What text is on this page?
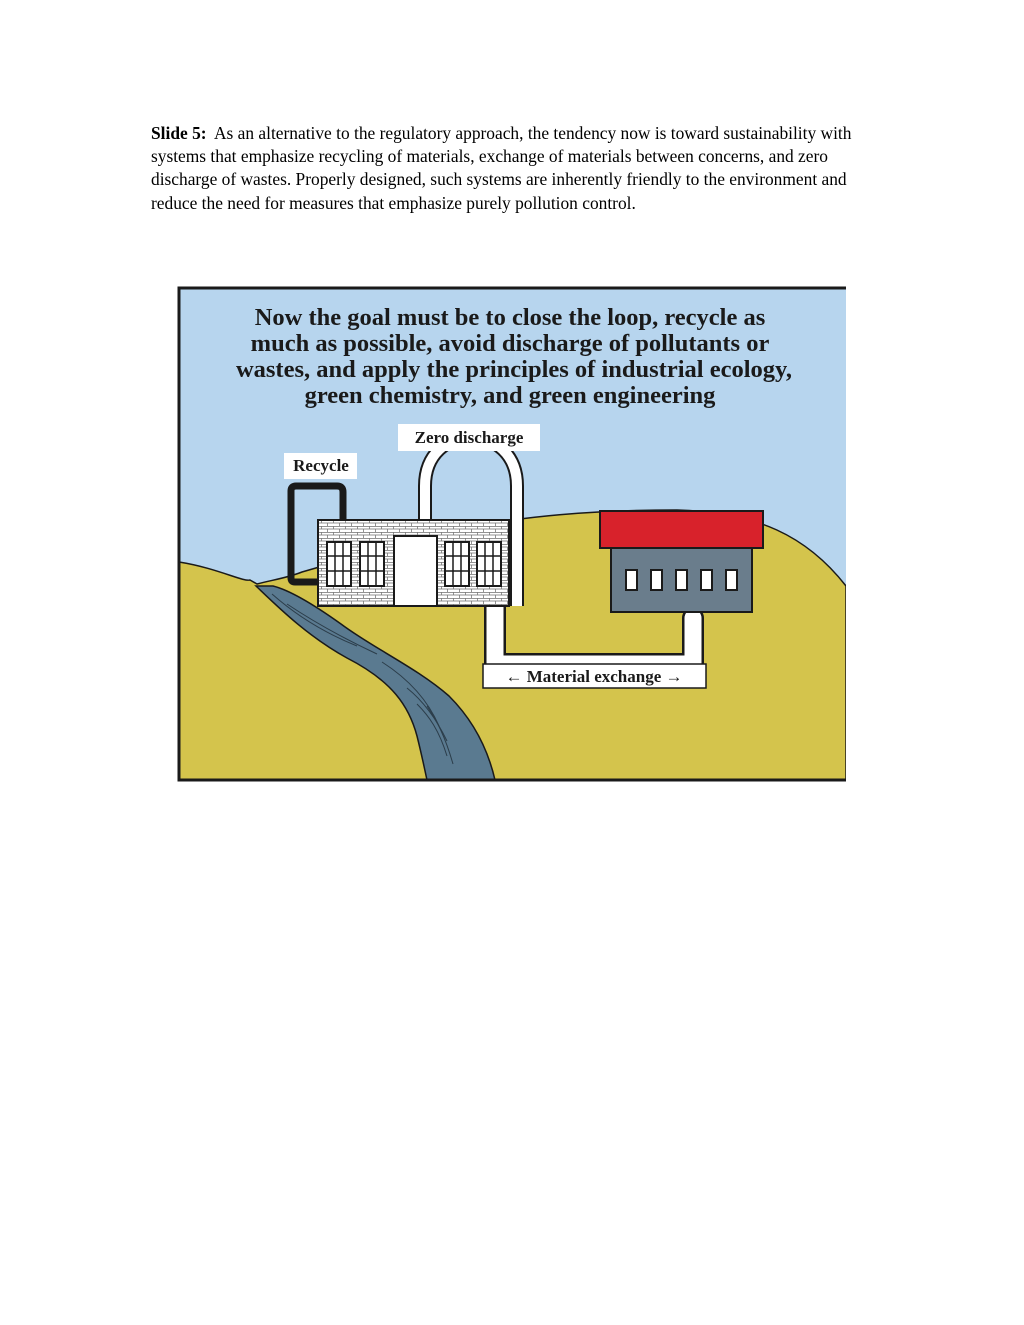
Slide 5: As an alternative to the regulatory approach, the tendency now is toward sustainability with systems that emphasize recycling of materials, exchange of materials between concerns, and zero discharge of wastes. Properly designed, such systems are inherently friendly to the environment and reduce the need for measures that emphasize purely pollution control.

Now the goal must be to close the loop, recycle as
much as possible, avoid discharge of pollutants or
wastes, and apply the principles of industrial ecology,
green chemistry, and green engineering
Zero discharge
Recycle
← Material exchange →
